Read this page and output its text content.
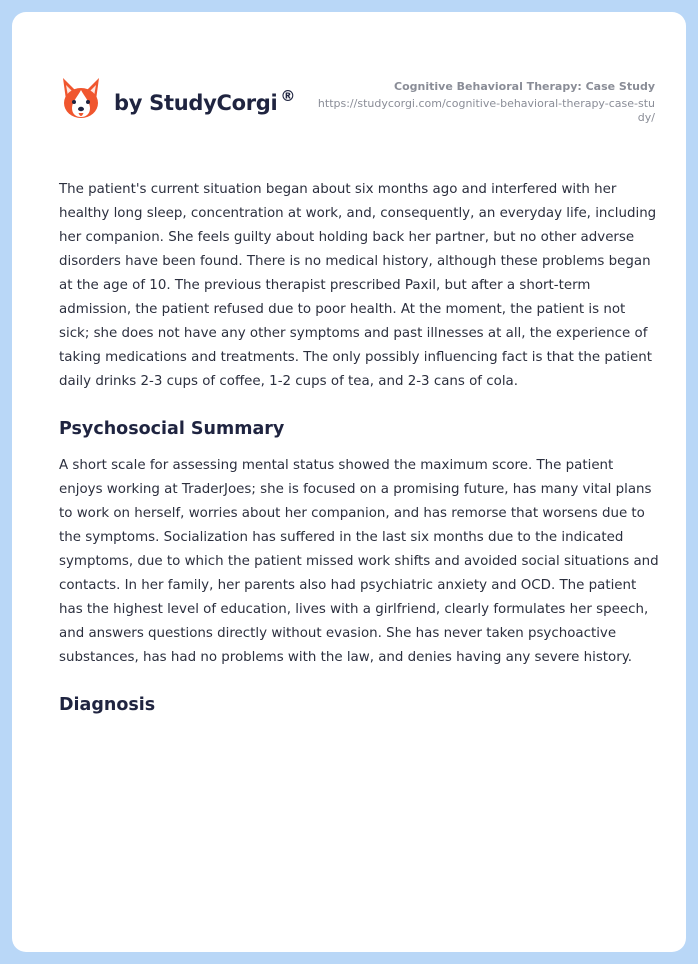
by StudyCorgi ®
Cognitive Behavioral Therapy: Case Study
https://studycorgi.com/cognitive-behavioral-therapy-case-study/

The patient's current situation began about six months ago and interfered with her healthy long sleep, concentration at work, and, consequently, an everyday life, including her companion. She feels guilty about holding back her partner, but no other adverse disorders have been found. There is no medical history, although these problems began at the age of 10. The previous therapist prescribed Paxil, but after a short-term admission, the patient refused due to poor health. At the moment, the patient is not sick; she does not have any other symptoms and past illnesses at all, the experience of taking medications and treatments. The only possibly influencing fact is that the patient daily drinks 2-3 cups of coffee, 1-2 cups of tea, and 2-3 cans of cola.

Psychosocial Summary

A short scale for assessing mental status showed the maximum score. The patient enjoys working at TraderJoes; she is focused on a promising future, has many vital plans to work on herself, worries about her companion, and has remorse that worsens due to the symptoms. Socialization has suffered in the last six months due to the indicated symptoms, due to which the patient missed work shifts and avoided social situations and contacts. In her family, her parents also had psychiatric anxiety and OCD. The patient has the highest level of education, lives with a girlfriend, clearly formulates her speech, and answers questions directly without evasion. She has never taken psychoactive substances, has had no problems with the law, and denies having any severe history.

Diagnosis
